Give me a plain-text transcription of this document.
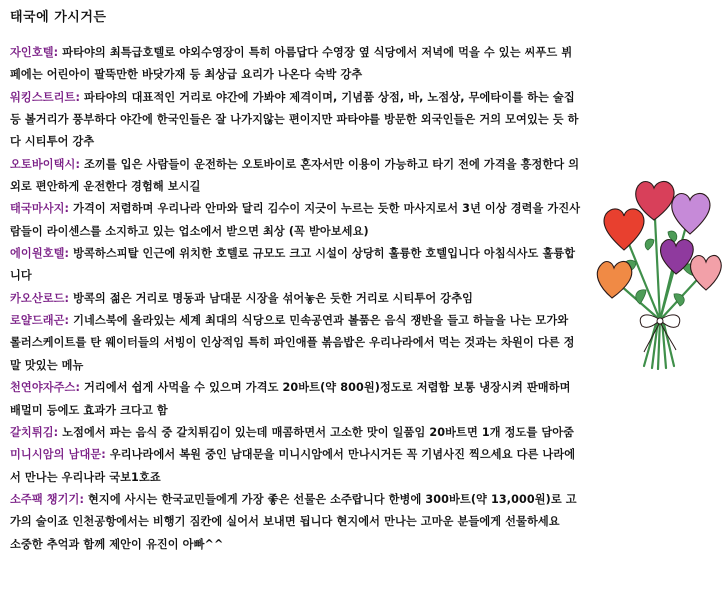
태국에 가시거든
자인호텔: 파타야의 최특급호텔로 야외수영장이 특히 아름답다 수영장 옆 식당에서 저녁에 먹을 수 있는 씨푸드 뷔페에는 어린아이 팔뚝만한 바닷가재 등 최상급 요리가 나온다 숙박 강추
워킹스트리트: 파타야의 대표적인 거리로 야간에 가봐야 제격이며, 기념품 상점, 바, 노점상, 무에타이를 하는 술집 등 볼거리가 풍부하다 야간에 한국인들은 잘 나가지않는 편이지만 파타야를 방문한 외국인들은 거의 모여있는 듯 하다 시티투어 강추
오토바이택시: 조끼를 입은 사람들이 운전하는 오토바이로 혼자서만 이용이 가능하고 타기 전에 가격을 흥정한다 의외로 편안하게 운전한다 경험해 보시길
태국마사지: 가격이 저렴하며 우리나라 안마와 달리 김수이 지긋이 누르는 듯한 마사지로서 3년 이상 경력을 가진사람들이 라이센스를 소지하고 있는 업소에서 받으면 최상 (꼭 받아보세요)
에이원호텔: 방콕하스피탈 인근에 위치한 호텔로 규모도 크고 시설이 상당히 훌륭한 호텔입니다 아침식사도 훌륭합니다
카오산로드: 방콕의 젊은 거리로 명동과 남대문 시장을 섞어놓은 듯한 거리로 시티투어 강추임
로얄드래곤: 기네스북에 올라있는 세계 최대의 식당으로 민속공연과 볼품은 음식 쟁반을 들고 하늘을 나는 모가와 롤러스케이트를 탄 웨이터들의 서빙이 인상적임 특히 파인애플 볶음밥은 우리나라에서 먹는 것과는 차원이 다른 정말 맛있는 메뉴
천연야자주스: 거리에서 쉽게 사먹을 수 있으며 가격도 20바트(약 800원)정도로 저렴함 보통 냉장시켜 판매하며 배멀미 등에도 효과가 크다고 함
갈치튀김: 노점에서 파는 음식 중 갈치튀김이 있는데 매콤하면서 고소한 맛이 일품임 20바트면 1개 정도를 담아줌
미니시암의 남대문: 우리나라에서 복원 중인 남대문을 미니시암에서 만나시거든 꼭 기념사진 찍으세요 다른 나라에서 만나는 우리나라 국보1호죠
소주팩 챙기기: 현지에 사시는 한국교민들에게 가장 좋은 선물은 소주랍니다 한병에 300바트(약 13,000원)로 고가의 술이죠 인천공항에서는 비행기 짐칸에 실어서 보내면 됩니다 현지에서 만나는 고마운 분들에게 선물하세요
소중한 추억과 함께 제안이 유진이 아빠^^
